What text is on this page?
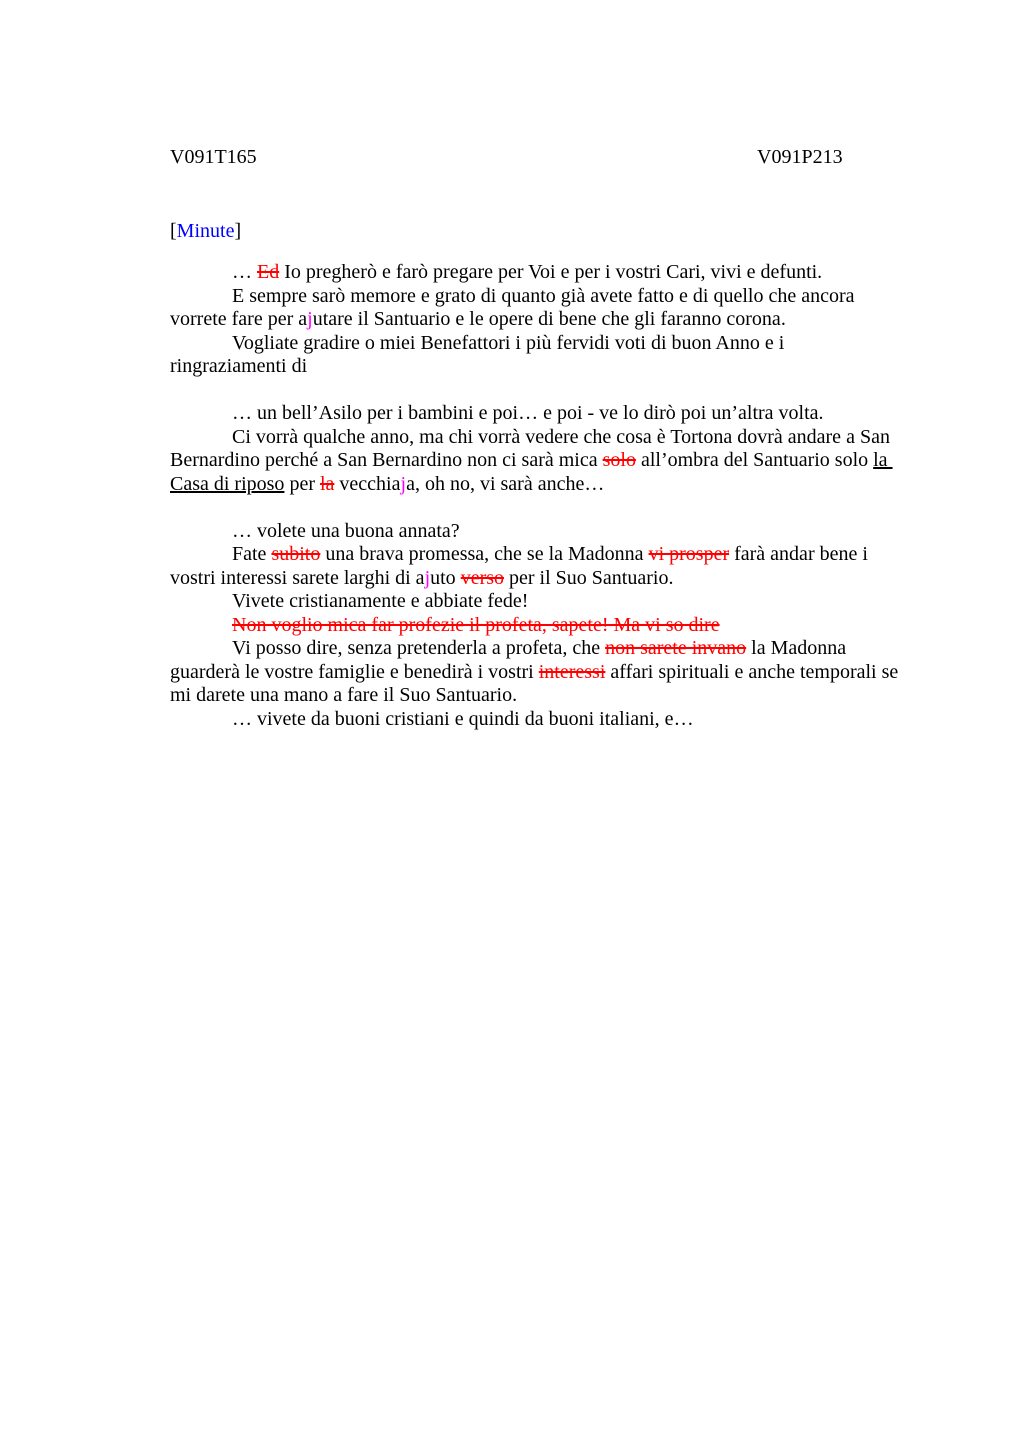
V091T165	V091P213
[Minute]
… Ed Io pregherò e farò pregare per Voi e per i vostri Cari, vivi e defunti.
E sempre sarò memore e grato di quanto già avete fatto e di quello che ancora
vorrete fare per ajutare il Santuario e le opere di bene che gli faranno corona.
Vogliate gradire o miei Benefattori i più fervidi voti di buon Anno e i
ringraziamenti di
… un bell’Asilo per i bambini e poi… e poi - ve lo dirò poi un’altra volta.
Ci vorrà qualche anno, ma chi vorrà vedere che cosa è Tortona dovrà andare a San
Bernardino perché a San Bernardino non ci sarà mica solo all’ombra del Santuario solo la
Casa di riposo per la vecchiaja, oh no, vi sarà anche…
… volete una buona annata?
Fate subito una brava promessa, che se la Madonna vi prosper farà andar bene i
vostri interessi sarete larghi di ajuto verso per il Suo Santuario.
Vivete cristianamente e abbiate fede!
Non voglio mica far profezie il profeta, sapete! Ma vi so dire
Vi posso dire, senza pretenderla a profeta, che non sarete invano la Madonna
guarderà le vostre famiglie e benedirà i vostri interessi affari spirituali e anche temporali se
mi darete una mano a fare il Suo Santuario.
… vivete da buoni cristiani e quindi da buoni italiani, e…
